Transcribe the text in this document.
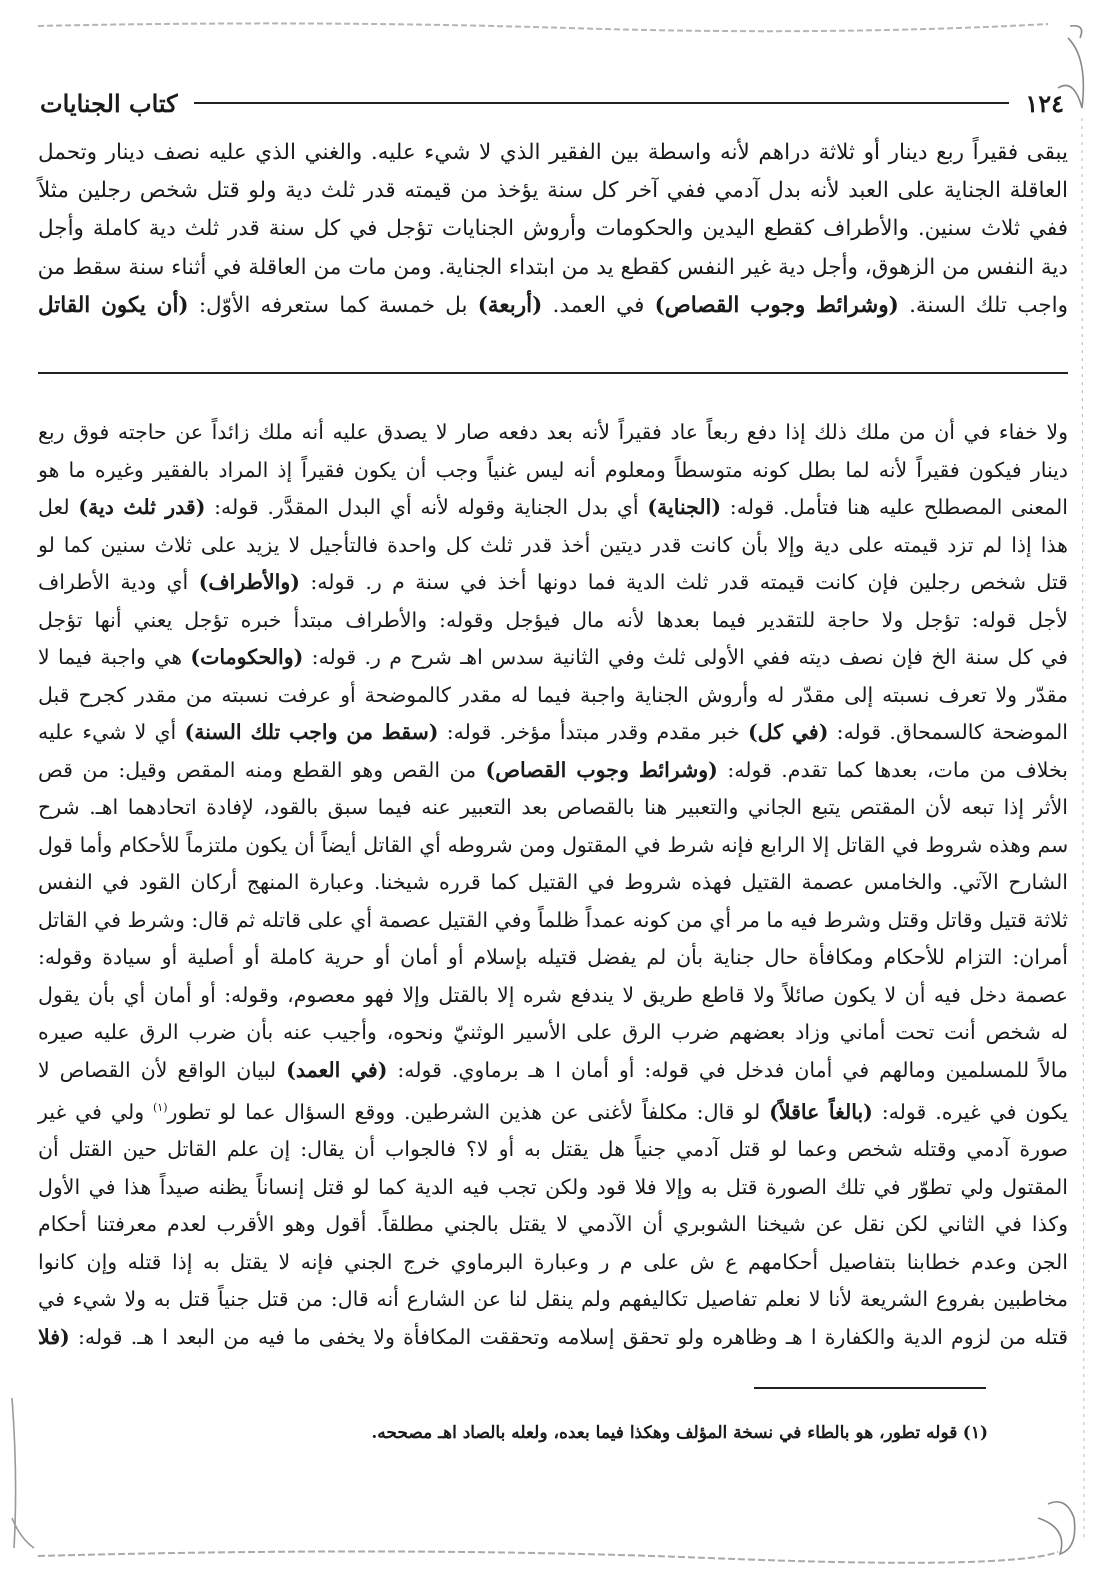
١٢٤
كتاب الجنايات

يبقى فقيراً ربع دينار أو ثلاثة دراهم لأنه واسطة بين الفقير الذي لا شيء عليه. والغني الذي عليه نصف دينار وتحمل

العاقلة الجناية على العبد لأنه بدل آدمي ففي آخر كل سنة يؤخذ من قيمته قدر ثلث دية ولو قتل شخص رجلين مثلاً

ففي ثلاث سنين. والأطراف كقطع اليدين والحكومات وأروش الجنايات تؤجل في كل سنة قدر ثلث دية كاملة وأجل

دية النفس من الزهوق، وأجل دية غير النفس كقطع يد من ابتداء الجناية. ومن مات من العاقلة في أثناء سنة سقط من

واجب تلك السنة. (وشرائط وجوب القصاص) في العمد. (أربعة) بل خمسة كما ستعرفه الأوّل: (أن يكون القاتل

ولا خفاء في أن من ملك ذلك إذا دفع ربعاً عاد فقيراً لأنه بعد دفعه صار لا يصدق عليه أنه ملك زائداً عن حاجته فوق ربع

دينار فيكون فقيراً لأنه لما بطل كونه متوسطاً ومعلوم أنه ليس غنياً وجب أن يكون فقيراً إذ المراد بالفقير وغيره ما هو

المعنى المصطلح عليه هنا فتأمل. قوله: (الجناية) أي بدل الجناية وقوله لأنه أي البدل المقدَّر. قوله: (قدر ثلث دية) لعل

هذا إذا لم تزد قيمته على دية وإلا بأن كانت قدر ديتين أخذ قدر ثلث كل واحدة فالتأجيل لا يزيد على ثلاث سنين كما لو

قتل شخص رجلين فإن كانت قيمته قدر ثلث الدية فما دونها أخذ في سنة م ر. قوله: (والأطراف) أي ودية الأطراف

لأجل قوله: تؤجل ولا حاجة للتقدير فيما بعدها لأنه مال فيؤجل وقوله: والأطراف مبتدأ خبره تؤجل يعني أنها تؤجل

في كل سنة الخ فإن نصف ديته ففي الأولى ثلث وفي الثانية سدس اهـ شرح م ر. قوله: (والحكومات) هي واجبة فيما لا

مقدّر ولا تعرف نسبته إلى مقدّر له وأروش الجناية واجبة فيما له مقدر كالموضحة أو عرفت نسبته من مقدر كجرح قبل

الموضحة كالسمحاق. قوله: (في كل) خبر مقدم وقدر مبتدأ مؤخر. قوله: (سقط من واجب تلك السنة) أي لا شيء عليه

بخلاف من مات، بعدها كما تقدم. قوله: (وشرائط وجوب القصاص) من القص وهو القطع ومنه المقص وقيل: من قص

الأثر إذا تبعه لأن المقتص يتبع الجاني والتعبير هنا بالقصاص بعد التعبير عنه فيما سبق بالقود، لإفادة اتحادهما اهـ. شرح

سم وهذه شروط في القاتل إلا الرابع فإنه شرط في المقتول ومن شروطه أي القاتل أيضاً أن يكون ملتزماً للأحكام وأما قول

الشارح الآتي. والخامس عصمة القتيل فهذه شروط في القتيل كما قرره شيخنا. وعبارة المنهج أركان القود في النفس

ثلاثة قتيل وقاتل وقتل وشرط فيه ما مر أي من كونه عمداً ظلماً وفي القتيل عصمة أي على قاتله ثم قال: وشرط في القاتل

أمران: التزام للأحكام ومكافأة حال جناية بأن لم يفضل قتيله بإسلام أو أمان أو حرية كاملة أو أصلية أو سيادة وقوله:

عصمة دخل فيه أن لا يكون صائلاً ولا قاطع طريق لا يندفع شره إلا بالقتل وإلا فهو معصوم، وقوله: أو أمان أي بأن يقول

له شخص أنت تحت أماني وزاد بعضهم ضرب الرق على الأسير الوثنيّ ونحوه، وأجيب عنه بأن ضرب الرق عليه صيره

مالاً للمسلمين ومالهم في أمان فدخل في قوله: أو أمان ا هـ برماوي. قوله: (في العمد) لبيان الواقع لأن القصاص لا

يكون في غيره. قوله: (بالغاً عاقلاً) لو قال: مكلفاً لأغنى عن هذين الشرطين. ووقع السؤال عما لو تطور$^{(١)}$ ولي في غير

صورة آدمي وقتله شخص وعما لو قتل آدمي جنياً هل يقتل به أو لا؟ فالجواب أن يقال: إن علم القاتل حين القتل أن

المقتول ولي تطوّر في تلك الصورة قتل به وإلا فلا قود ولكن تجب فيه الدية كما لو قتل إنساناً يظنه صيداً هذا في الأول

وكذا في الثاني لكن نقل عن شيخنا الشوبري أن الآدمي لا يقتل بالجني مطلقاً. أقول وهو الأقرب لعدم معرفتنا أحكام

الجن وعدم خطابنا بتفاصيل أحكامهم ع ش على م ر وعبارة البرماوي خرج الجني فإنه لا يقتل به إذا قتله وإن كانوا

مخاطبين بفروع الشريعة لأنا لا نعلم تفاصيل تكاليفهم ولم ينقل لنا عن الشارع أنه قال: من قتل جنياً قتل به ولا شيء في

قتله من لزوم الدية والكفارة ا هـ وظاهره ولو تحقق إسلامه وتحققت المكافأة ولا يخفى ما فيه من البعد ا هـ. قوله: (فلا

(١) قوله تطور، هو بالطاء في نسخة المؤلف وهكذا فيما بعده، ولعله بالصاد اهـ مصححه.
